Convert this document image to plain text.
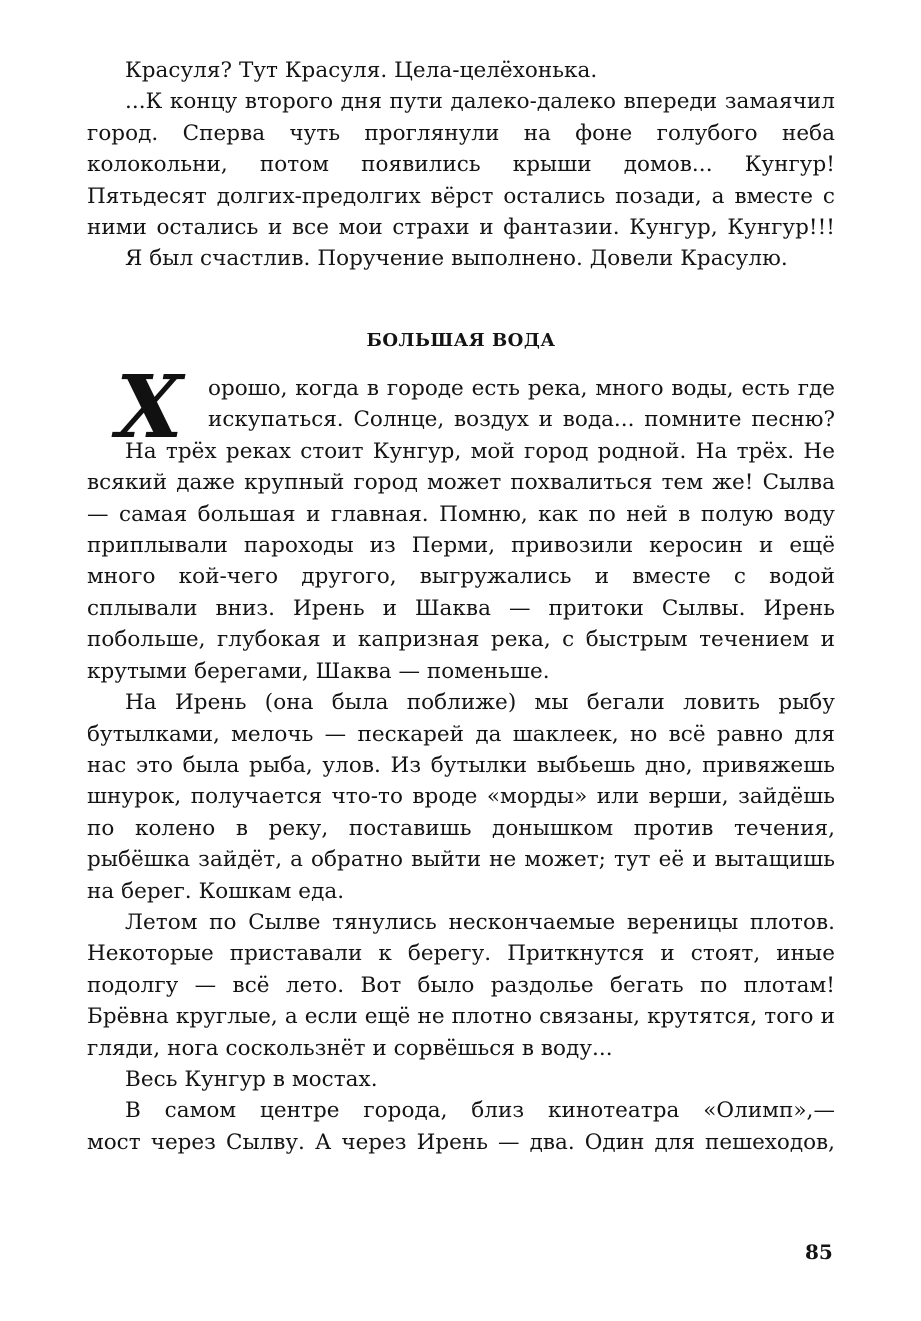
Красуля? Тут Красуля. Цела-целёхонька.

...К концу второго дня пути далеко-далеко впереди замаячил город. Сперва чуть проглянули на фоне голубого неба колокольни, потом появились крыши домов... Кунгур! Пятьдесят долгих-предолгих вёрст остались позади, а вместе с ними остались и все мои страхи и фантазии. Кунгур, Кунгур!!!

Я был счастлив. Поручение выполнено. Довели Красулю.

БОЛЬШАЯ ВОДА
Х орошо, когда в городе есть река, много воды, есть где
искупаться. Солнце, воздух и вода... помните песню?

На трёх реках стоит Кунгур, мой город родной. На трёх. Не всякий даже крупный город может похвалиться тем же! Сылва — самая большая и главная. Помню, как по ней в полую воду приплывали пароходы из Перми, привозили керосин и ещё много кой-чего другого, выгружались и вместе с водой сплывали вниз. Ирень и Шаква — притоки Сылвы. Ирень побольше, глубокая и капризная река, с быстрым течением и крутыми берегами, Шаква — поменьше.

На Ирень (она была поближе) мы бегали ловить рыбу бутылками, мелочь — пескарей да шаклеек, но всё равно для нас это была рыба, улов. Из бутылки выбьешь дно, привяжешь шнурок, получается что-то вроде «морды» или верши, зайдёшь по колено в реку, поставишь донышком против течения, рыбёшка зайдёт, а обратно выйти не может; тут её и вытащишь на берег. Кошкам еда.

Летом по Сылве тянулись нескончаемые вереницы плотов. Некоторые приставали к берегу. Приткнутся и стоят, иные подолгу — всё лето. Вот было раздолье бегать по плотам! Брёвна круглые, а если ещё не плотно связаны, крутятся, того и гляди, нога соскользнёт и сорвёшься в воду...

Весь Кунгур в мостах.

В самом центре города, близ кинотеатра «Олимп»,—

мост через Сылву. А через Ирень — два. Один для пешеходов,

85
